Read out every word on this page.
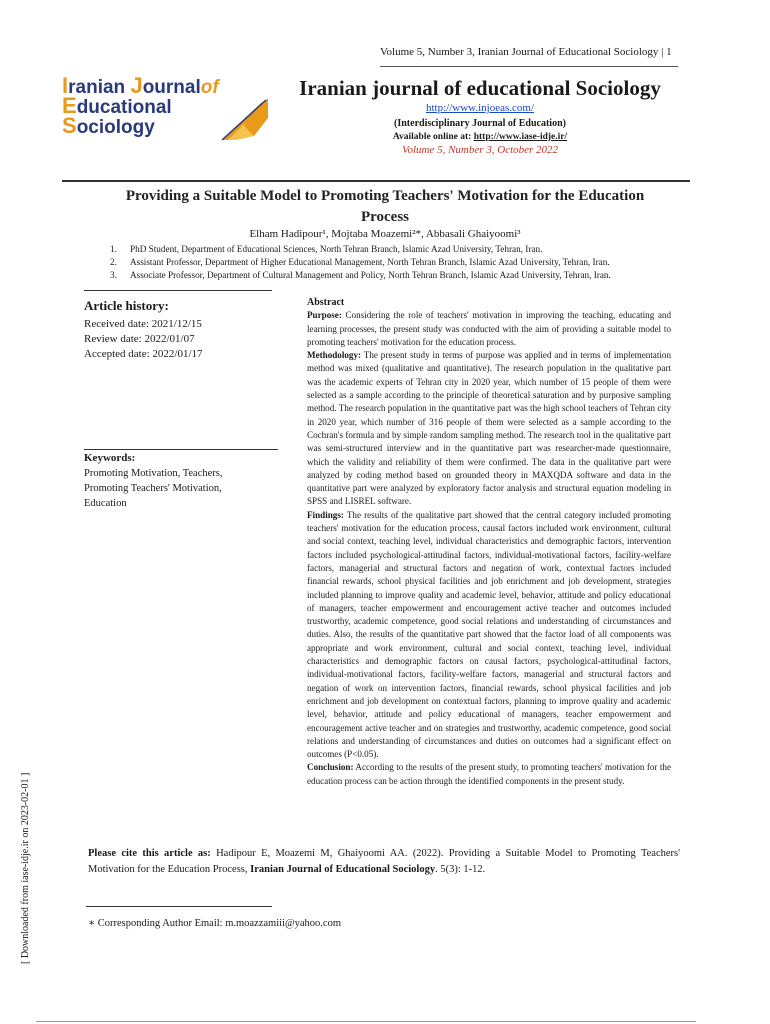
Volume 5, Number 3, Iranian Journal of Educational Sociology | 1
Iranian Journalof
Educational
Sociology
Iranian journal of educational Sociology
http://www.injoeas.com/
(Interdisciplinary Journal of Education)
Available online at: http://www.iase-idje.ir/
Volume 5, Number 3, October 2022
Providing a Suitable Model to Promoting Teachers' Motivation for the Education Process
Elham Hadipour¹, Mojtaba Moazemi²*, Abbasali Ghaiyoomi³
1. PhD Student, Department of Educational Sciences, North Tehran Branch, Islamic Azad University, Tehran, Iran.
2. Assistant Professor, Department of Higher Educational Management, North Tehran Branch, Islamic Azad University, Tehran, Iran.
3. Associate Professor, Department of Cultural Management and Policy, North Tehran Branch, Islamic Azad University, Tehran, Iran.
Article history:
Received date: 2021/12/15
Review date: 2022/01/07
Accepted date: 2022/01/17
Keywords:
Promoting Motivation, Teachers, Promoting Teachers' Motivation, Education

Abstract

Purpose: Considering the role of teachers' motivation in improving the teaching, educating and learning processes, the present study was conducted with the aim of providing a suitable model to promoting teachers' motivation for the education process.

Methodology: The present study in terms of purpose was applied and in terms of implementation method was mixed (qualitative and quantitative). The research population in the qualitative part was the academic experts of Tehran city in 2020 year, which number of 15 people of them were selected as a sample according to the principle of theoretical saturation and by purposive sampling method. The research population in the quantitative part was the high school teachers of Tehran city in 2020 year, which number of 316 people of them were selected as a sample according to the Cochran's formula and by simple random sampling method. The research tool in the qualitative part was semi-structured interview and in the quantitative part was researcher-made questionnaire, which the validity and reliability of them were confirmed. The data in the qualitative part were analyzed by coding method based on grounded theory in MAXQDA software and data in the quantitative part were analyzed by exploratory factor analysis and structural equation modeling in SPSS and LISREL software.

Findings: The results of the qualitative part showed that the central category included promoting teachers' motivation for the education process, causal factors included work environment, cultural and social context, teaching level, individual characteristics and demographic factors, intervention factors included psychological-attitudinal factors, individual-motivational factors, facility-welfare factors, managerial and structural factors and negation of work, contextual factors included financial rewards, school physical facilities and job enrichment and job development, strategies included planning to improve quality and academic level, behavior, attitude and policy educational of managers, teacher empowerment and encouragement active teacher and outcomes included trustworthy, academic competence, good social relations and understanding of circumstances and duties. Also, the results of the quantitative part showed that the factor load of all components was appropriate and work environment, cultural and social context, teaching level, individual characteristics and demographic factors on causal factors, psychological-attitudinal factors, individual-motivational factors, facility-welfare factors, managerial and structural factors and negation of work on intervention factors, financial rewards, school physical facilities and job enrichment and job development on contextual factors, planning to improve quality and academic level, behavior, attitude and policy educational of managers, teacher empowerment and encouragement active teacher and on strategies and trustworthy, academic competence, good social relations and understanding of circumstances and duties on outcomes had a significant effect on outcomes (P<0.05).

Conclusion: According to the results of the present study, to promoting teachers' motivation for the education process can be action through the identified components in the present study.

Please cite this article as: Hadipour E, Moazemi M, Ghaiyoomi AA. (2022). Providing a Suitable Model to Promoting Teachers' Motivation for the Education Process, Iranian Journal of Educational Sociology. 5(3): 1-12.
∗ Corresponding Author Email: m.moazzamiii@yahoo.com
[ Downloaded from iase-idje.ir on 2023-02-01 ]
